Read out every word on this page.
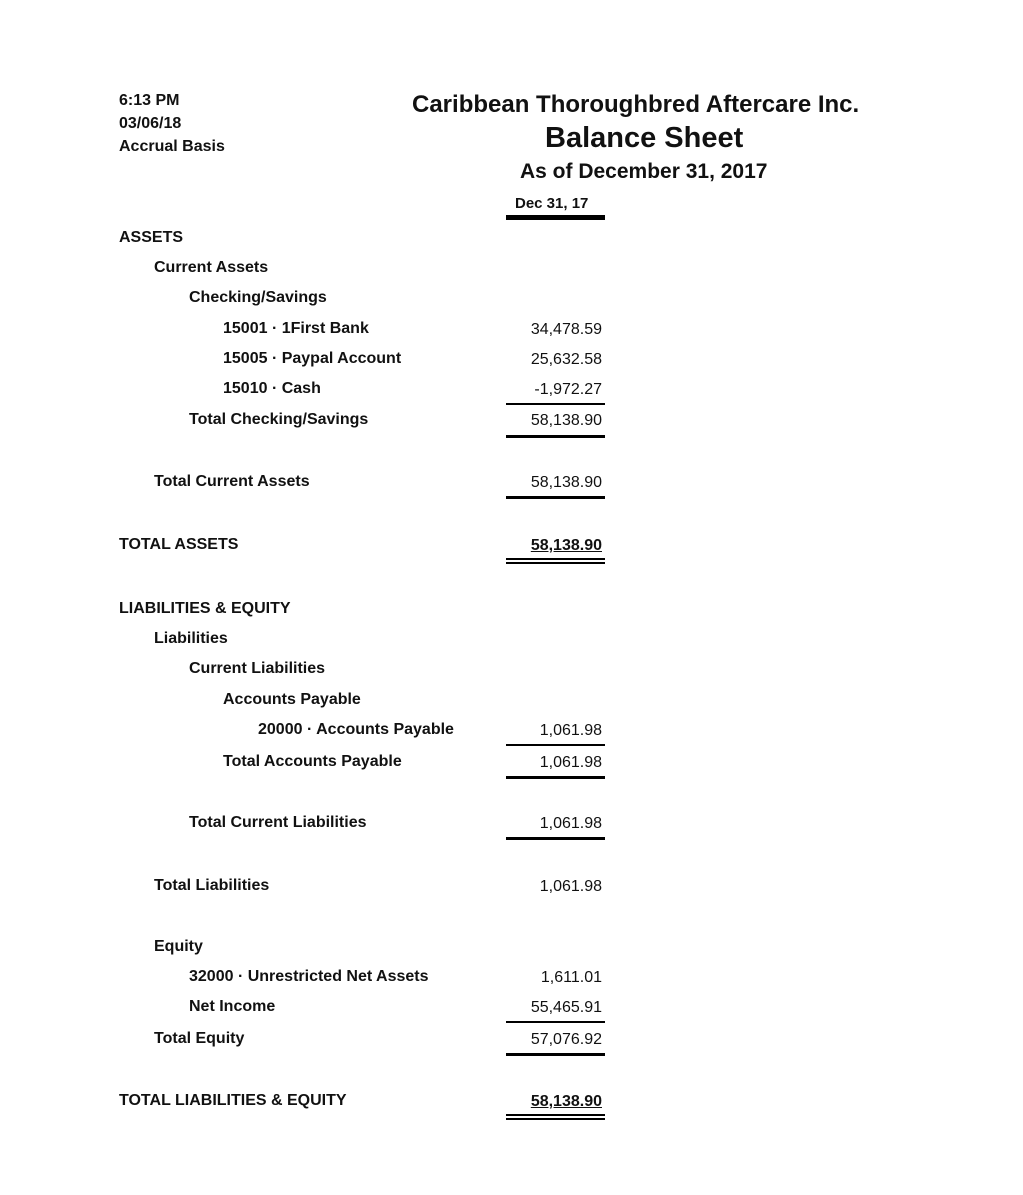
6:13 PM
03/06/18
Accrual Basis
Caribbean Thoroughbred Aftercare Inc.
Balance Sheet
As of December 31, 2017
Dec 31, 17
ASSETS
Current Assets
Checking/Savings
15001 · 1First Bank	34,478.59
15005 · Paypal Account	25,632.58
15010 · Cash	-1,972.27
Total Checking/Savings	58,138.90
Total Current Assets	58,138.90
TOTAL ASSETS	58,138.90
LIABILITIES & EQUITY
Liabilities
Current Liabilities
Accounts Payable
20000 · Accounts Payable	1,061.98
Total Accounts Payable	1,061.98
Total Current Liabilities	1,061.98
Total Liabilities	1,061.98
Equity
32000 · Unrestricted Net Assets	1,611.01
Net Income	55,465.91
Total Equity	57,076.92
TOTAL LIABILITIES & EQUITY	58,138.90
